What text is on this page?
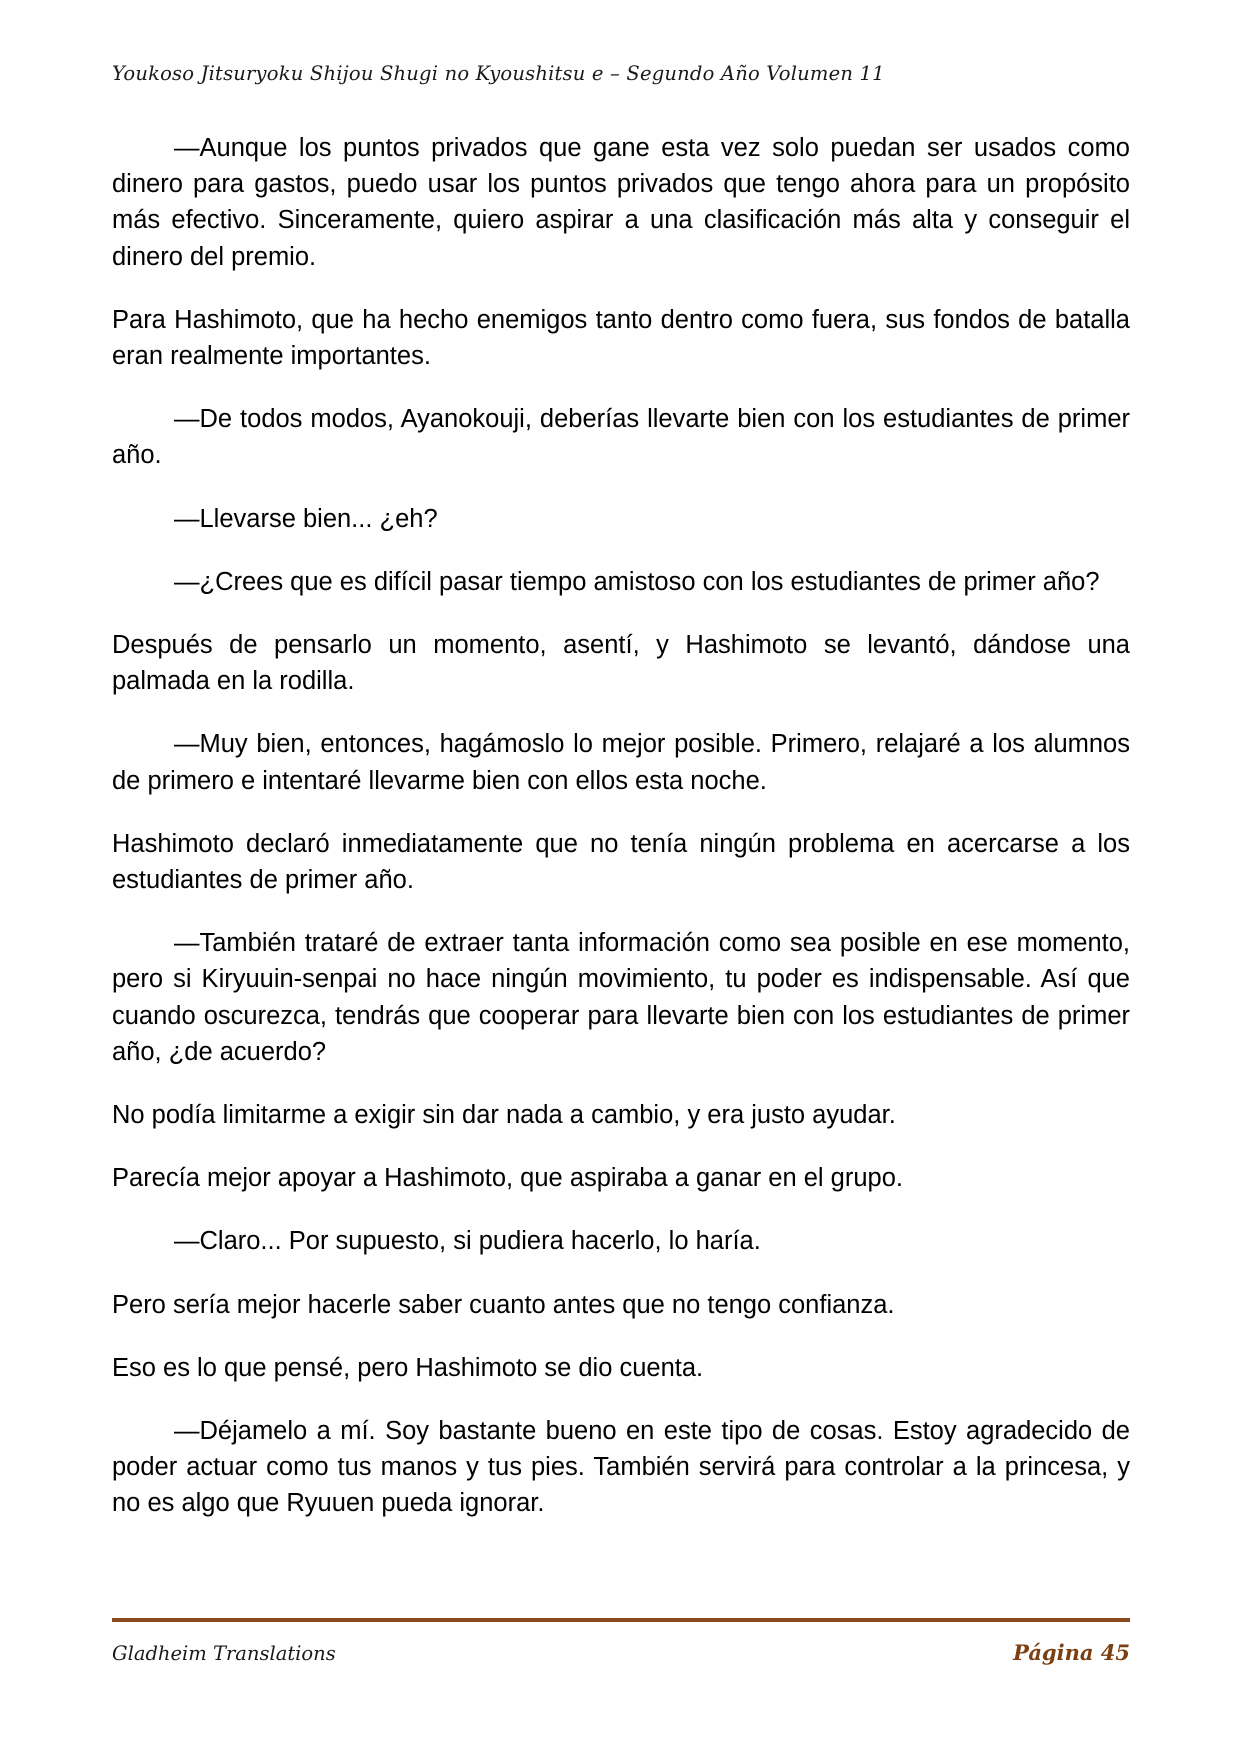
Youkoso Jitsuryoku Shijou Shugi no Kyoushitsu e – Segundo Año Volumen 11

—Aunque los puntos privados que gane esta vez solo puedan ser usados como dinero para gastos, puedo usar los puntos privados que tengo ahora para un propósito más efectivo. Sinceramente, quiero aspirar a una clasificación más alta y conseguir el dinero del premio.

Para Hashimoto, que ha hecho enemigos tanto dentro como fuera, sus fondos de batalla eran realmente importantes.

—De todos modos, Ayanokouji, deberías llevarte bien con los estudiantes de primer año.

—Llevarse bien... ¿eh?

—¿Crees que es difícil pasar tiempo amistoso con los estudiantes de primer año?

Después de pensarlo un momento, asentí, y Hashimoto se levantó, dándose una palmada en la rodilla.

—Muy bien, entonces, hagámoslo lo mejor posible. Primero, relajaré a los alumnos de primero e intentaré llevarme bien con ellos esta noche.

Hashimoto declaró inmediatamente que no tenía ningún problema en acercarse a los estudiantes de primer año.

—También trataré de extraer tanta información como sea posible en ese momento, pero si Kiryuuin-senpai no hace ningún movimiento, tu poder es indispensable. Así que cuando oscurezca, tendrás que cooperar para llevarte bien con los estudiantes de primer año, ¿de acuerdo?

No podía limitarme a exigir sin dar nada a cambio, y era justo ayudar.

Parecía mejor apoyar a Hashimoto, que aspiraba a ganar en el grupo.

—Claro... Por supuesto, si pudiera hacerlo, lo haría.

Pero sería mejor hacerle saber cuanto antes que no tengo confianza.

Eso es lo que pensé, pero Hashimoto se dio cuenta.

—Déjamelo a mí. Soy bastante bueno en este tipo de cosas. Estoy agradecido de poder actuar como tus manos y tus pies. También servirá para controlar a la princesa, y no es algo que Ryuuen pueda ignorar.

Gladheim Translations	Página 45
